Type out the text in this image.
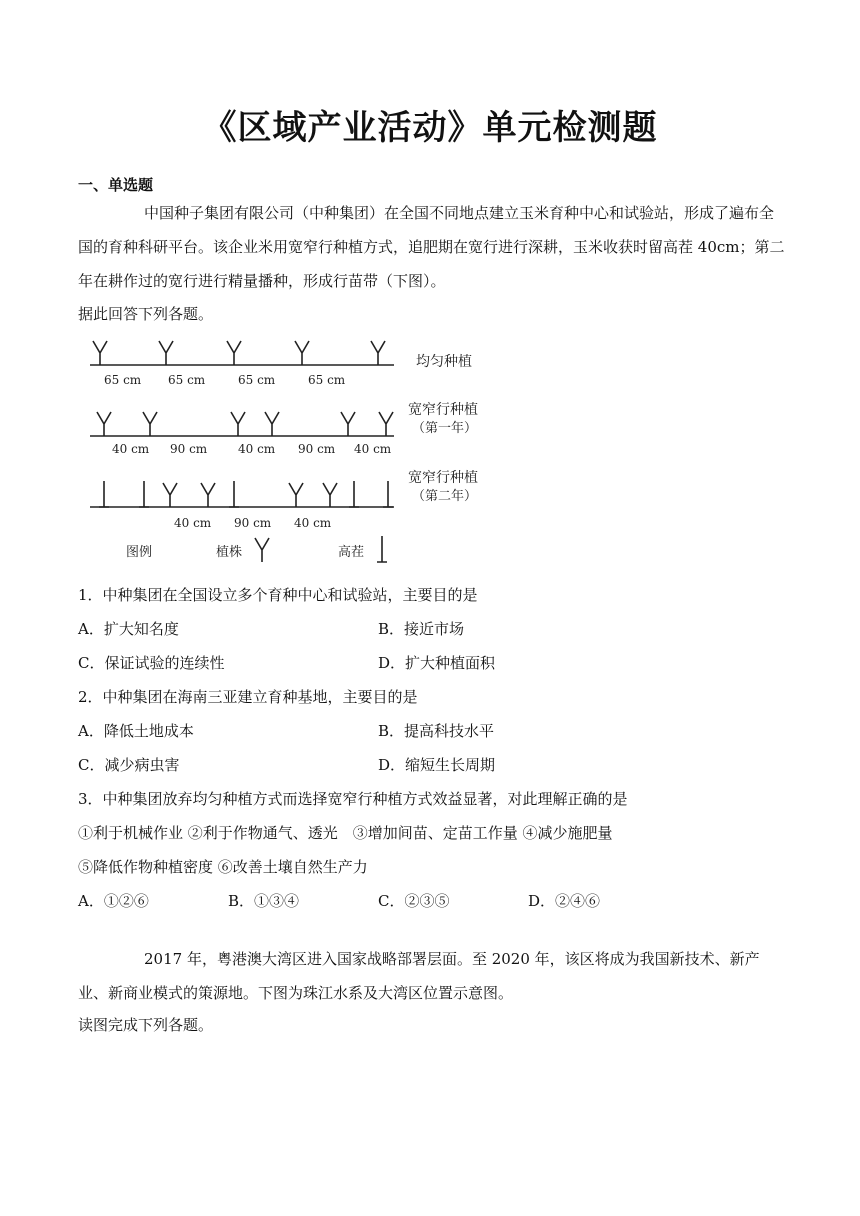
《区域产业活动》单元检测题
一、单选题
中国种子集团有限公司（中种集团）在全国不同地点建立玉米育种中心和试验站，形成了遍布全国的育种科研平台。该企业米用宽窄行种植方式，追肥期在宽行进行深耕，玉米收获时留高茬 40cm；第二年在耕作过的宽行进行精量播种，形成行苗带（下图）。
据此回答下列各题。
均匀种植
宽窄行种植
（第一年）
宽窄行种植
（第二年）
65 cm 65 cm	65 cm	65 cm
40 cm 90 cm	40 cm 90 cm 40 cm
40 cm 90 cm 40 cm
图例	植株	高茬
1．中种集团在全国设立多个育种中心和试验站，主要目的是
A．扩大知名度	B．接近市场
C．保证试验的连续性	D．扩大种植面积
2．中种集团在海南三亚建立育种基地，主要目的是
A．降低土地成本	B．提高科技水平
C．减少病虫害	D．缩短生长周期
3．中种集团放弃均匀种植方式而选择宽窄行种植方式效益显著，对此理解正确的是
①利于机械作业 ②利于作物通气、透光　③增加间苗、定苗工作量 ④减少施肥量
⑤降低作物种植密度 ⑥改善土壤自然生产力
A．①②⑥	B．①③④	C．②③⑤	D．②④⑥
2017 年，粤港澳大湾区进入国家战略部署层面。至 2020 年，该区将成为我国新技术、新产业、新商业模式的策源地。下图为珠江水系及大湾区位置示意图。
读图完成下列各题。
